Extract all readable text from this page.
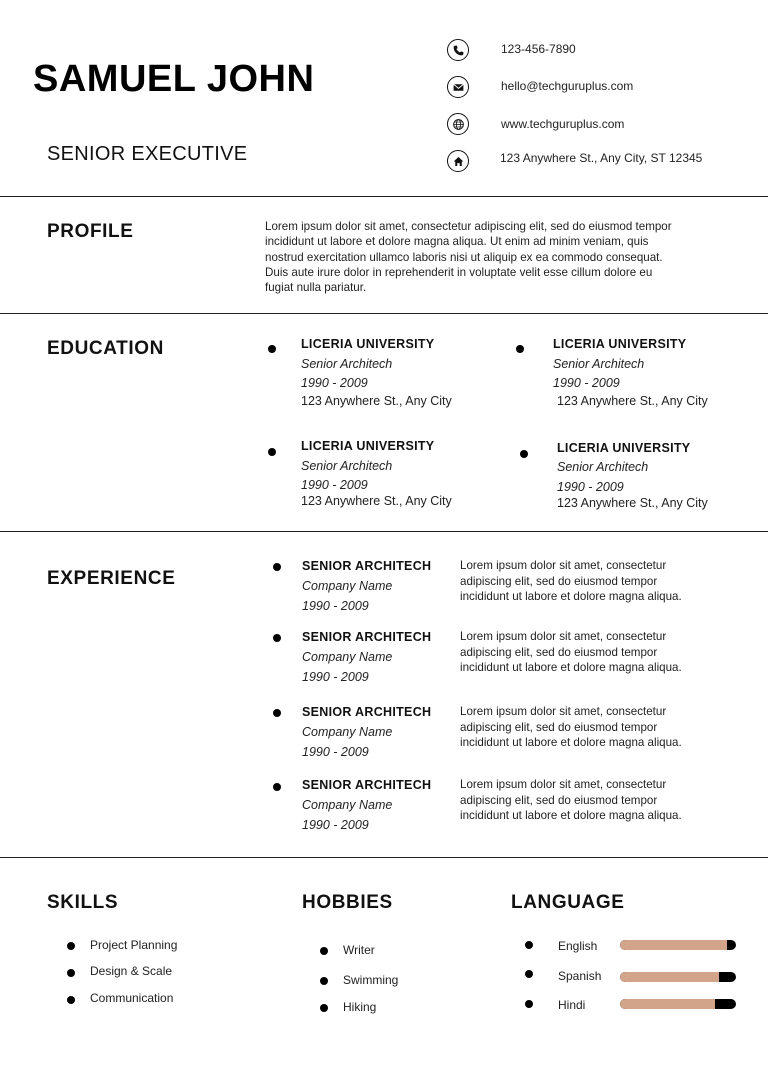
SAMUEL JOHN
SENIOR EXECUTIVE
123-456-7890
hello@techguruplus.com
www.techguruplus.com
123 Anywhere St., Any City, ST 12345
PROFILE	Lorem ipsum dolor sit amet, consectetur adipiscing elit, sed do eiusmod tempor
incididunt ut labore et dolore magna aliqua. Ut enim ad minim veniam, quis
nostrud exercitation ullamco laboris nisi ut aliquip ex ea commodo consequat.
Duis aute irure dolor in reprehenderit in voluptate velit esse cillum dolore eu
fugiat nulla pariatur.
EDUCATION	LICERIA UNIVERSITY
Senior Architech
1990 - 2009
123 Anywhere St., Any City
LICERIA UNIVERSITY
Senior Architech
1990 - 2009
123 Anywhere St., Any City
LICERIA UNIVERSITY
Senior Architech
1990 - 2009
123 Anywhere St., Any City
LICERIA UNIVERSITY
Senior Architech
1990 - 2009
123 Anywhere St., Any City
EXPERIENCE
SENIOR ARCHITECH
Company Name
1990 - 2009
Lorem ipsum dolor sit amet, consectetur
adipiscing elit, sed do eiusmod tempor
incididunt ut labore et dolore magna aliqua.
SENIOR ARCHITECH
Company Name
1990 - 2009
Lorem ipsum dolor sit amet, consectetur
adipiscing elit, sed do eiusmod tempor
incididunt ut labore et dolore magna aliqua.
SENIOR ARCHITECH
Company Name
1990 - 2009
Lorem ipsum dolor sit amet, consectetur
adipiscing elit, sed do eiusmod tempor
incididunt ut labore et dolore magna aliqua.
SENIOR ARCHITECH
Company Name
1990 - 2009
Lorem ipsum dolor sit amet, consectetur
adipiscing elit, sed do eiusmod tempor
incididunt ut labore et dolore magna aliqua.
SKILLS
Project Planning
Design & Scale
Communication
HOBBIES
Writer
Swimming
Hiking
LANGUAGE
English
Spanish
Hindi
